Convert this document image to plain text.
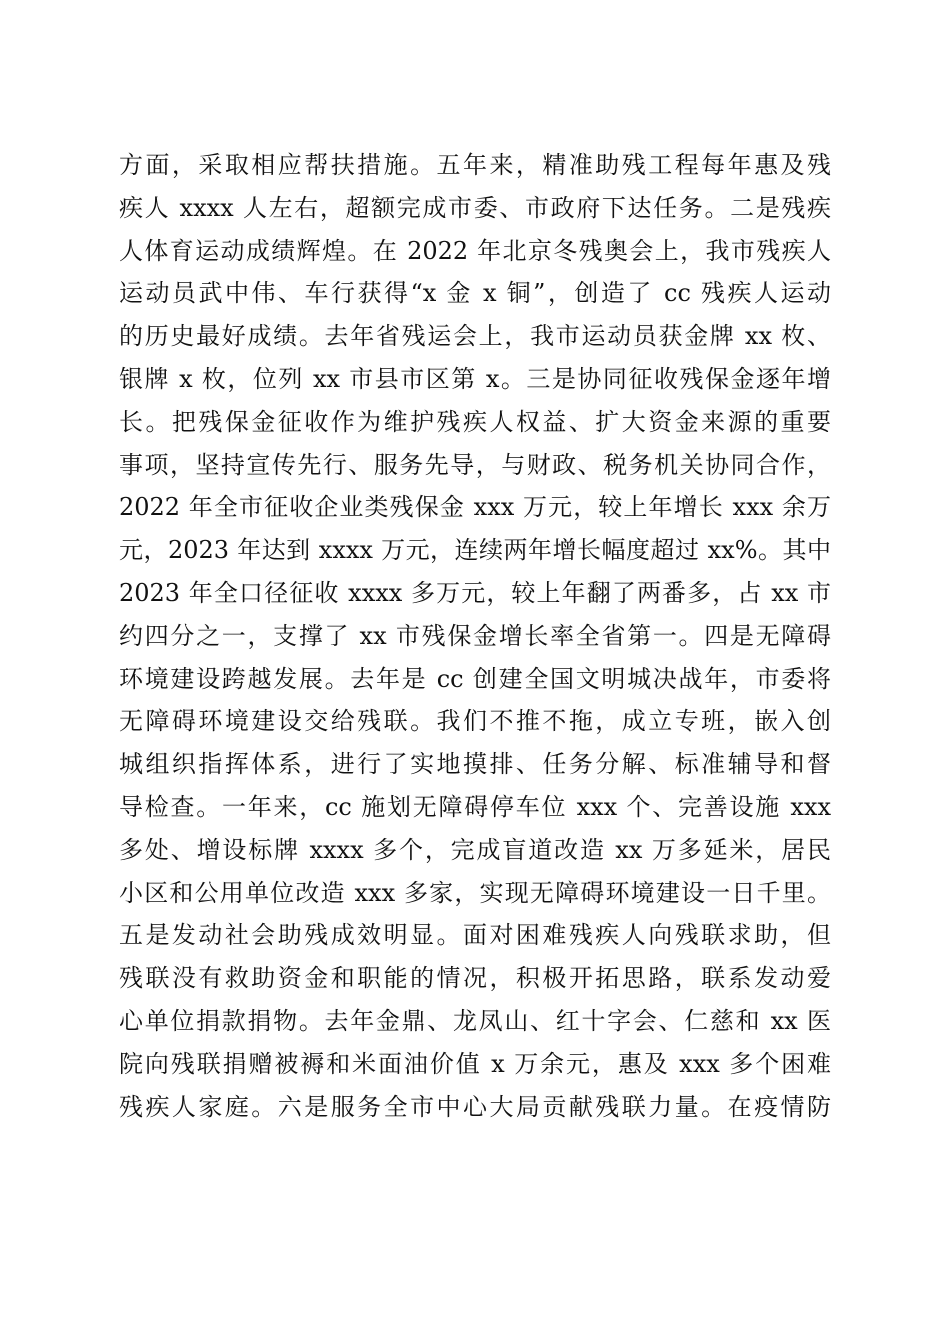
方面，采取相应帮扶措施。五年来，精准助残工程每年惠及残
疾人 xxxx 人左右，超额完成市委、市政府下达任务。二是残疾
人体育运动成绩辉煌。在 2022 年北京冬残奥会上，我市残疾人
运动员武中伟、车行获得“x 金 x 铜”，创造了 cc 残疾人运动
的历史最好成绩。去年省残运会上，我市运动员获金牌 xx 枚、
银牌 x 枚，位列 xx 市县市区第 x。三是协同征收残保金逐年增
长。把残保金征收作为维护残疾人权益、扩大资金来源的重要
事项，坚持宣传先行、服务先导，与财政、税务机关协同合作，
2022 年全市征收企业类残保金 xxx 万元，较上年增长 xxx 余万
元，2023 年达到 xxxx 万元，连续两年增长幅度超过 xx%。其中
2023 年全口径征收 xxxx 多万元，较上年翻了两番多，占 xx 市
约四分之一，支撑了 xx 市残保金增长率全省第一。四是无障碍
环境建设跨越发展。去年是 cc 创建全国文明城决战年，市委将
无障碍环境建设交给残联。我们不推不拖，成立专班，嵌入创
城组织指挥体系，进行了实地摸排、任务分解、标准辅导和督
导检查。一年来，cc 施划无障碍停车位 xxx 个、完善设施 xxx
多处、增设标牌 xxxx 多个，完成盲道改造 xx 万多延米，居民
小区和公用单位改造 xxx 多家，实现无障碍环境建设一日千里。
五是发动社会助残成效明显。面对困难残疾人向残联求助，但
残联没有救助资金和职能的情况，积极开拓思路，联系发动爱
心单位捐款捐物。去年金鼎、龙凤山、红十字会、仁慈和 xx 医
院向残联捐赠被褥和米面油价值 x 万余元，惠及 xxx 多个困难
残疾人家庭。六是服务全市中心大局贡献残联力量。在疫情防
